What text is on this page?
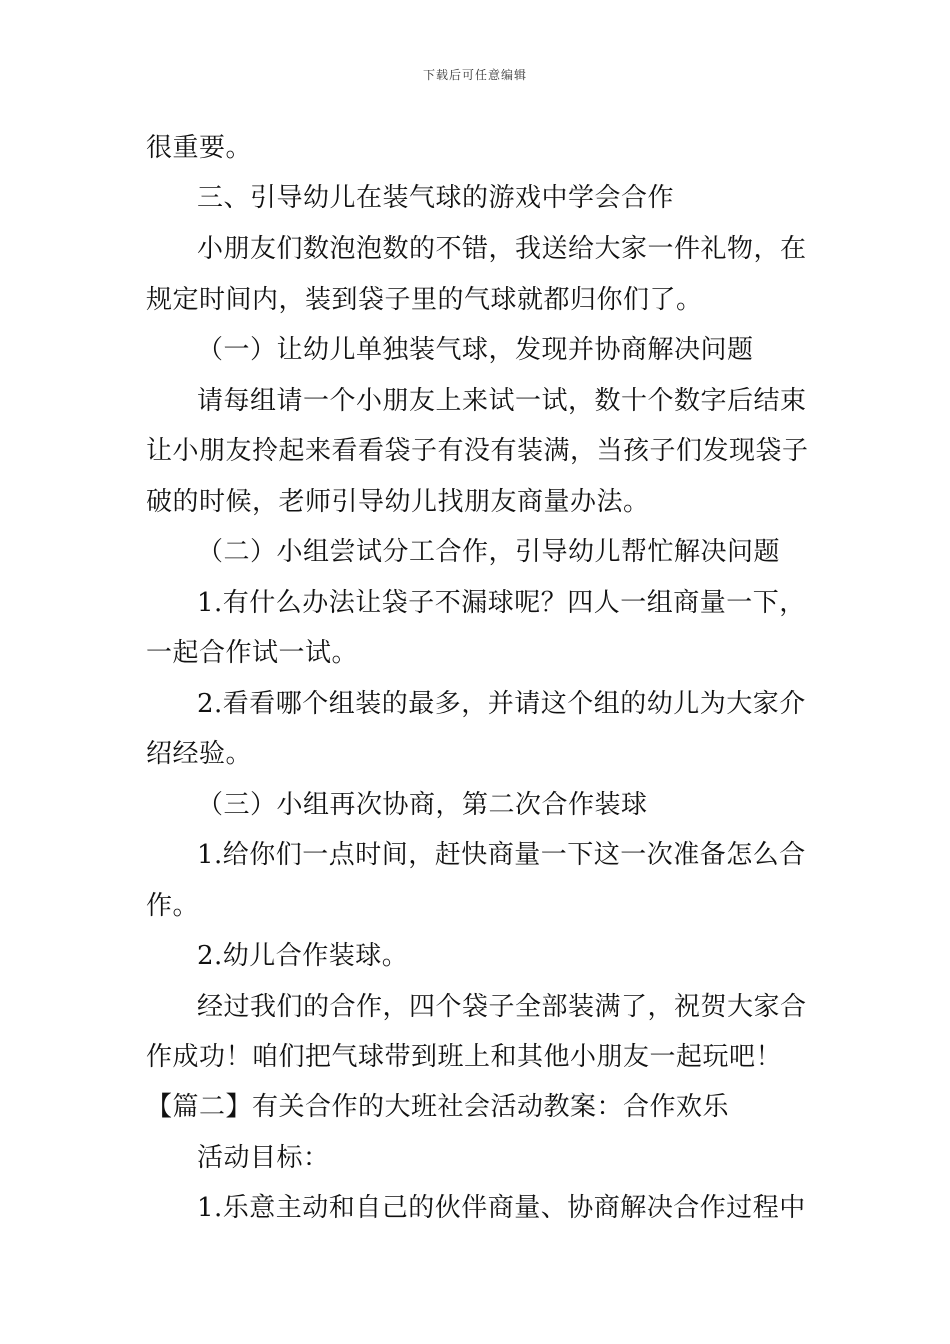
下载后可任意编辑
很重要。
三、引导幼儿在装气球的游戏中学会合作
小朋友们数泡泡数的不错，我送给大家一件礼物，在
规定时间内，装到袋子里的气球就都归你们了。
（一）让幼儿单独装气球，发现并协商解决问题
请每组请一个小朋友上来试一试，数十个数字后结束
让小朋友拎起来看看袋子有没有装满，当孩子们发现袋子
破的时候，老师引导幼儿找朋友商量办法。
（二）小组尝试分工合作，引导幼儿帮忙解决问题
1.有什么办法让袋子不漏球呢？四人一组商量一下，
一起合作试一试。
2.看看哪个组装的最多，并请这个组的幼儿为大家介
绍经验。
（三）小组再次协商，第二次合作装球
1.给你们一点时间，赶快商量一下这一次准备怎么合
作。
2.幼儿合作装球。
经过我们的合作，四个袋子全部装满了，祝贺大家合
作成功！咱们把气球带到班上和其他小朋友一起玩吧！
【篇二】有关合作的大班社会活动教案：合作欢乐
活动目标：
1.乐意主动和自己的伙伴商量、协商解决合作过程中
